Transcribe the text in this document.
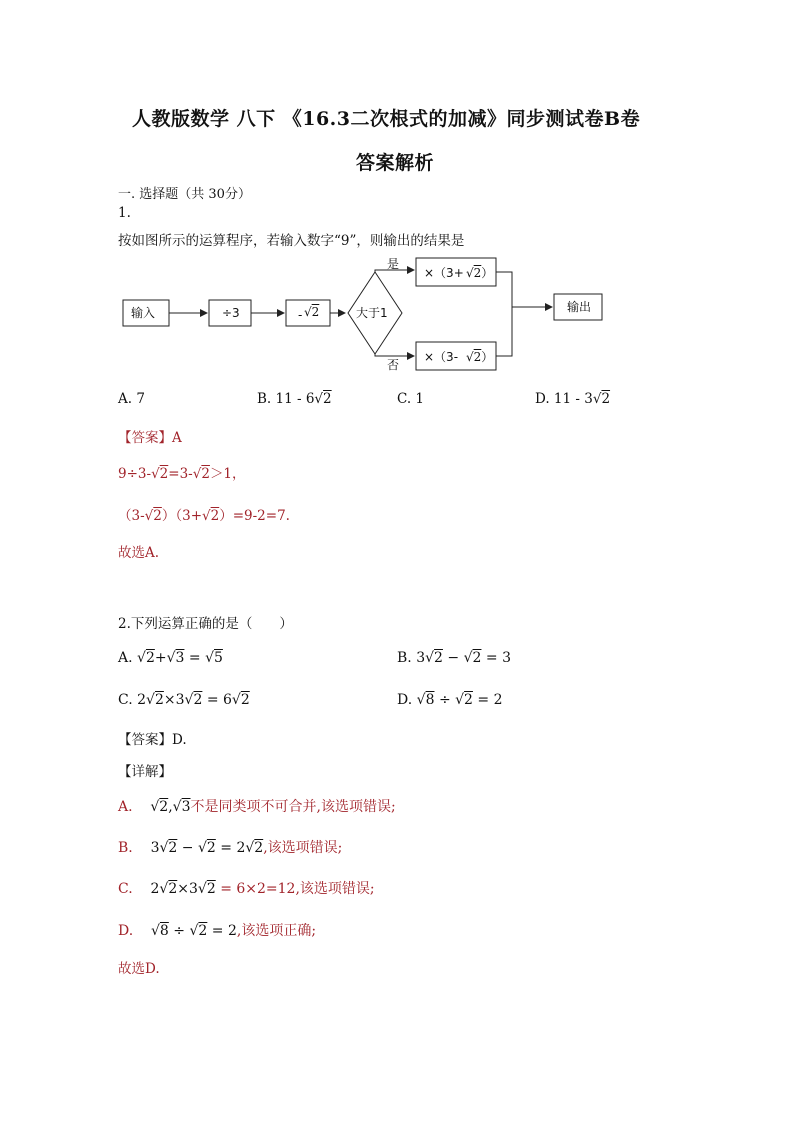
人教版数学 八下 《16.3二次根式的加减》同步测试卷B卷
答案解析
一. 选择题（共 30分）
1.
按如图所示的运算程序，若输入数字“9”，则输出的结果是
输入	÷3	-	大于1
是
否
×（3+
×（3-
输出
√2
√2）
√2）
A. 7	B. 11 - 6√2	C. 1	D. 11 - 3√2
【答案】A
9÷3-√2=3-√2＞1，
（3-√2）（3+√2）=9-2=7.
故选A.
2.下列运算正确的是（　　）
A. √2+√3 = √5	B. 3√2 − √2 = 3
C. 2√2×3√2 = 6√2	D. √8 ÷ √2 = 2
【答案】D.
【详解】
A. √2,√3不是同类项不可合并,该选项错误;
B. 3√2 − √2 = 2√2,该选项错误;
C. 2√2×3√2 = 6×2=12,该选项错误;
D. √8 ÷ √2 = 2,该选项正确;
故选D.
